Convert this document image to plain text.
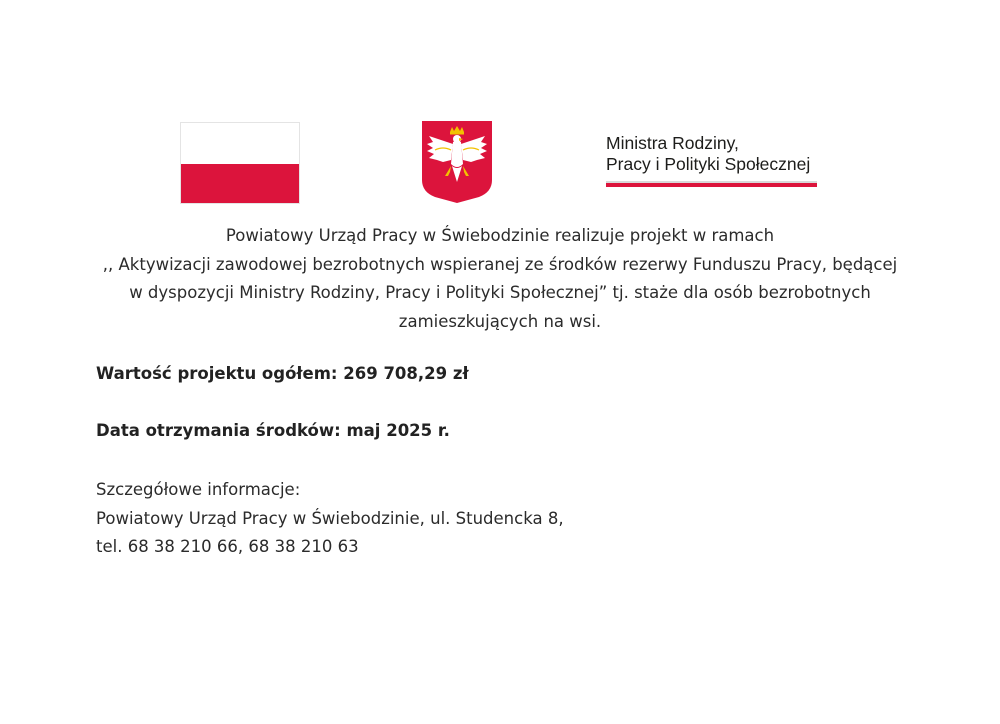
Ministra Rodziny,
Pracy i Polityki Społecznej

Powiatowy Urząd Pracy w Świebodzinie realizuje projekt w ramach

,, Aktywizacji zawodowej bezrobotnych wspieranej ze środków rezerwy Funduszu Pracy, będącej

w dyspozycji Ministry Rodziny, Pracy i Polityki Społecznej” tj. staże dla osób bezrobotnych

zamieszkujących na wsi.

Wartość projektu ogółem: 269 708,29 zł
Data otrzymania środków: maj 2025 r.

Szczegółowe informacje:

Powiatowy Urząd Pracy w Świebodzinie, ul. Studencka 8,

tel. 68 38 210 66, 68 38 210 63
